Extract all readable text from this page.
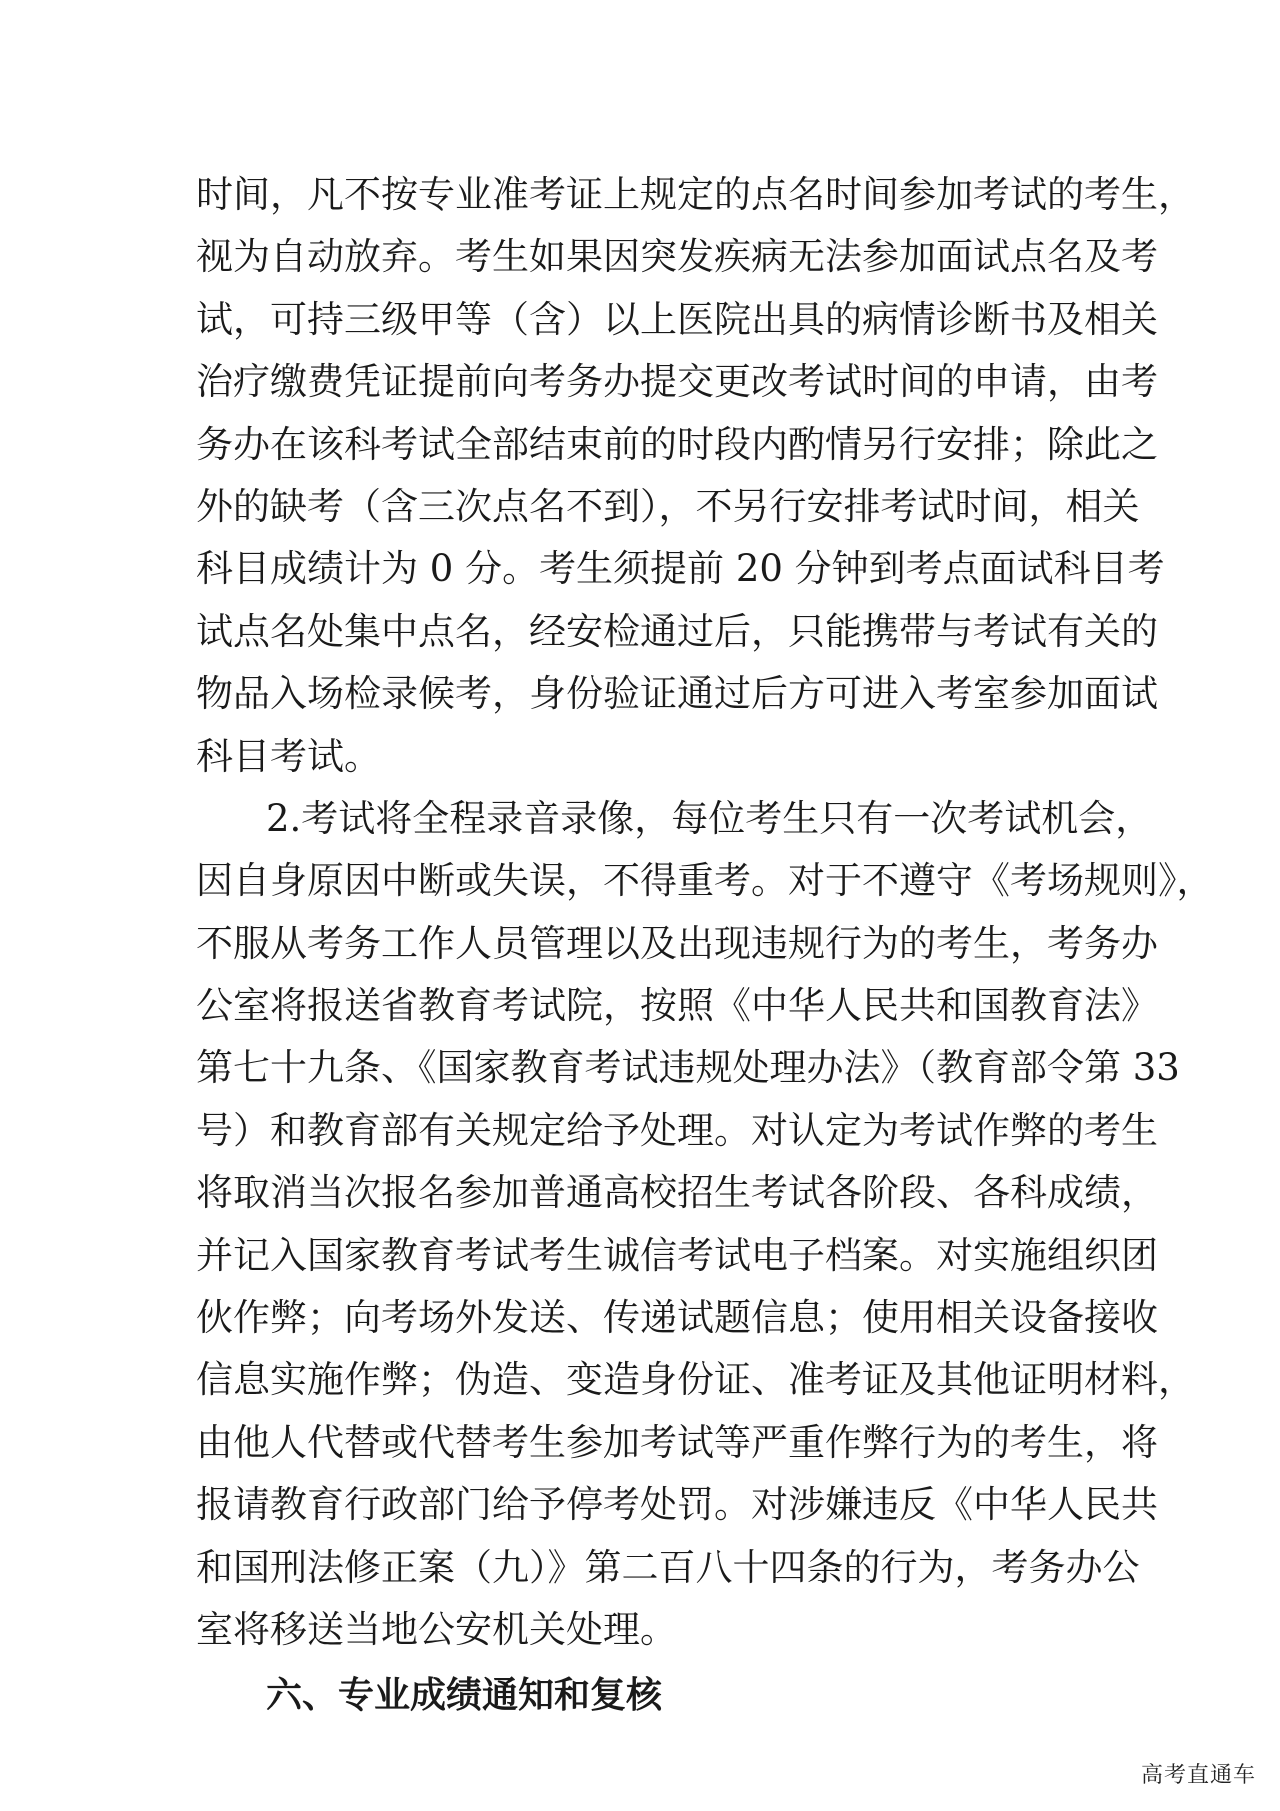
时间，凡不按专业准考证上规定的点名时间参加考试的考生，
视为自动放弃。考生如果因突发疾病无法参加面试点名及考
试，可持三级甲等（含）以上医院出具的病情诊断书及相关
治疗缴费凭证提前向考务办提交更改考试时间的申请，由考
务办在该科考试全部结束前的时段内酌情另行安排；除此之
外的缺考（含三次点名不到），不另行安排考试时间，相关
科目成绩计为 0 分。考生须提前 20 分钟到考点面试科目考
试点名处集中点名，经安检通过后，只能携带与考试有关的
物品入场检录候考，身份验证通过后方可进入考室参加面试
科目考试。
2.考试将全程录音录像，每位考生只有一次考试机会，
因自身原因中断或失误，不得重考。对于不遵守《考场规则》，
不服从考务工作人员管理以及出现违规行为的考生，考务办
公室将报送省教育考试院，按照《中华人民共和国教育法》
第七十九条、《国家教育考试违规处理办法》（教育部令第 33
号）和教育部有关规定给予处理。对认定为考试作弊的考生
将取消当次报名参加普通高校招生考试各阶段、各科成绩，
并记入国家教育考试考生诚信考试电子档案。对实施组织团
伙作弊；向考场外发送、传递试题信息；使用相关设备接收
信息实施作弊；伪造、变造身份证、准考证及其他证明材料，
由他人代替或代替考生参加考试等严重作弊行为的考生，将
报请教育行政部门给予停考处罚。对涉嫌违反《中华人民共
和国刑法修正案（九）》第二百八十四条的行为，考务办公
室将移送当地公安机关处理。
六、专业成绩通知和复核
高考直通车
